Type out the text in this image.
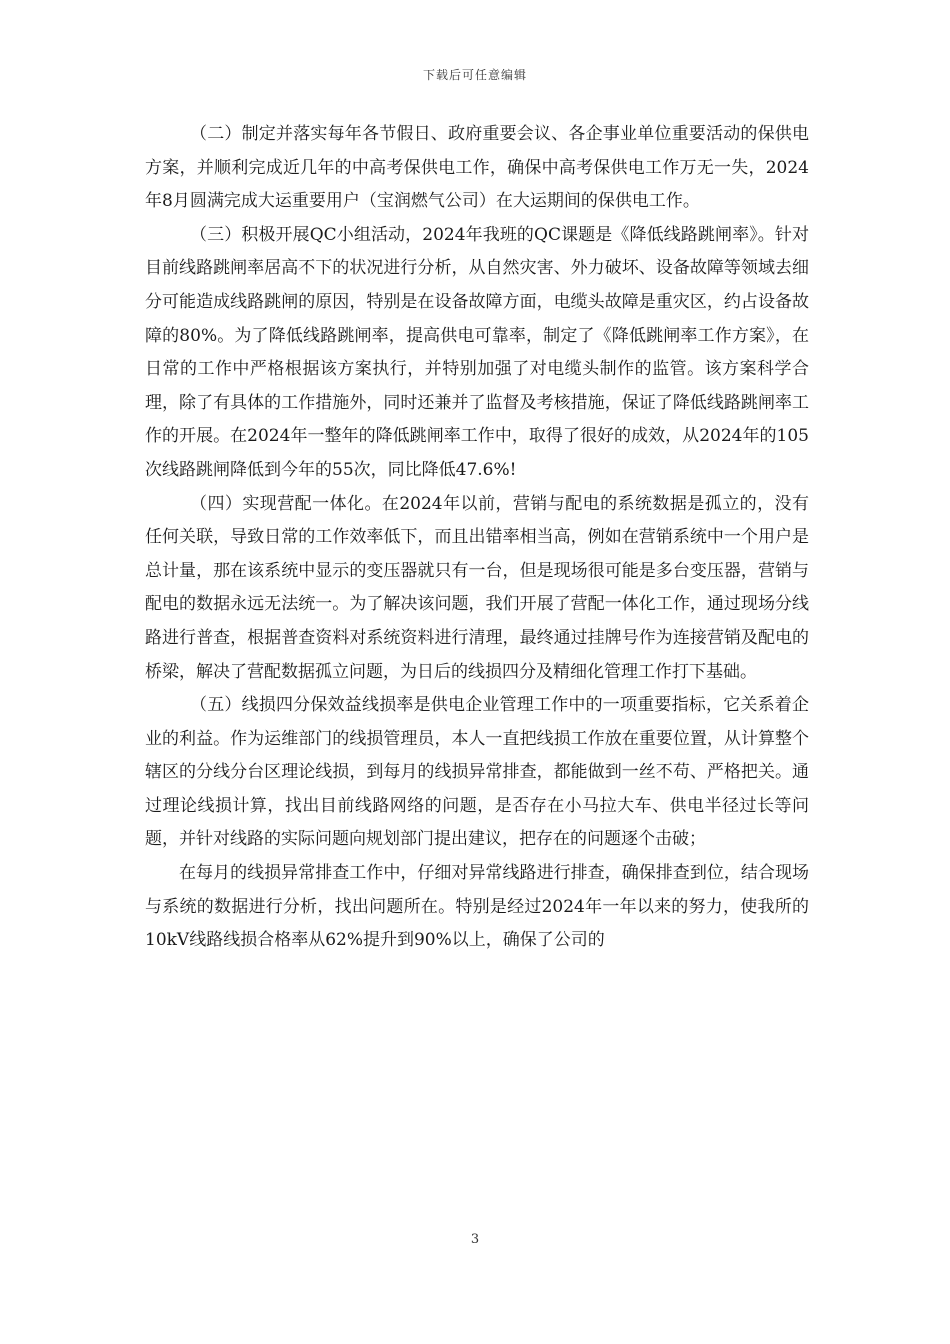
下载后可任意编辑

（二）制定并落实每年各节假日、政府重要会议、各企事业单位重要活动的保供电方案，并顺利完成近几年的中高考保供电工作，确保中高考保供电工作万无一失，2024年8月圆满完成大运重要用户（宝润燃气公司）在大运期间的保供电工作。

（三）积极开展QC小组活动，2024年我班的QC课题是《降低线路跳闸率》。针对目前线路跳闸率居高不下的状况进行分析，从自然灾害、外力破坏、设备故障等领域去细分可能造成线路跳闸的原因，特别是在设备故障方面，电缆头故障是重灾区，约占设备故障的80%。为了降低线路跳闸率，提高供电可靠率，制定了《降低跳闸率工作方案》，在日常的工作中严格根据该方案执行，并特别加强了对电缆头制作的监管。该方案科学合理，除了有具体的工作措施外，同时还兼并了监督及考核措施，保证了降低线路跳闸率工作的开展。在2024年一整年的降低跳闸率工作中，取得了很好的成效，从2024年的105次线路跳闸降低到今年的55次，同比降低47.6%!

（四）实现营配一体化。在2024年以前，营销与配电的系统数据是孤立的，没有任何关联，导致日常的工作效率低下，而且出错率相当高，例如在营销系统中一个用户是总计量，那在该系统中显示的变压器就只有一台，但是现场很可能是多台变压器，营销与配电的数据永远无法统一。为了解决该问题，我们开展了营配一体化工作，通过现场分线路进行普查，根据普查资料对系统资料进行清理，最终通过挂牌号作为连接营销及配电的桥梁，解决了营配数据孤立问题，为日后的线损四分及精细化管理工作打下基础。

（五）线损四分保效益线损率是供电企业管理工作中的一项重要指标，它关系着企业的利益。作为运维部门的线损管理员，本人一直把线损工作放在重要位置，从计算整个辖区的分线分台区理论线损，到每月的线损异常排查，都能做到一丝不苟、严格把关。通过理论线损计算，找出目前线路网络的问题，是否存在小马拉大车、供电半径过长等问题，并针对线路的实际问题向规划部门提出建议，把存在的问题逐个击破；

在每月的线损异常排查工作中，仔细对异常线路进行排查，确保排查到位，结合现场与系统的数据进行分析，找出问题所在。特别是经过2024年一年以来的努力，使我所的10kV线路线损合格率从62%提升到90%以上，确保了公司的

3
